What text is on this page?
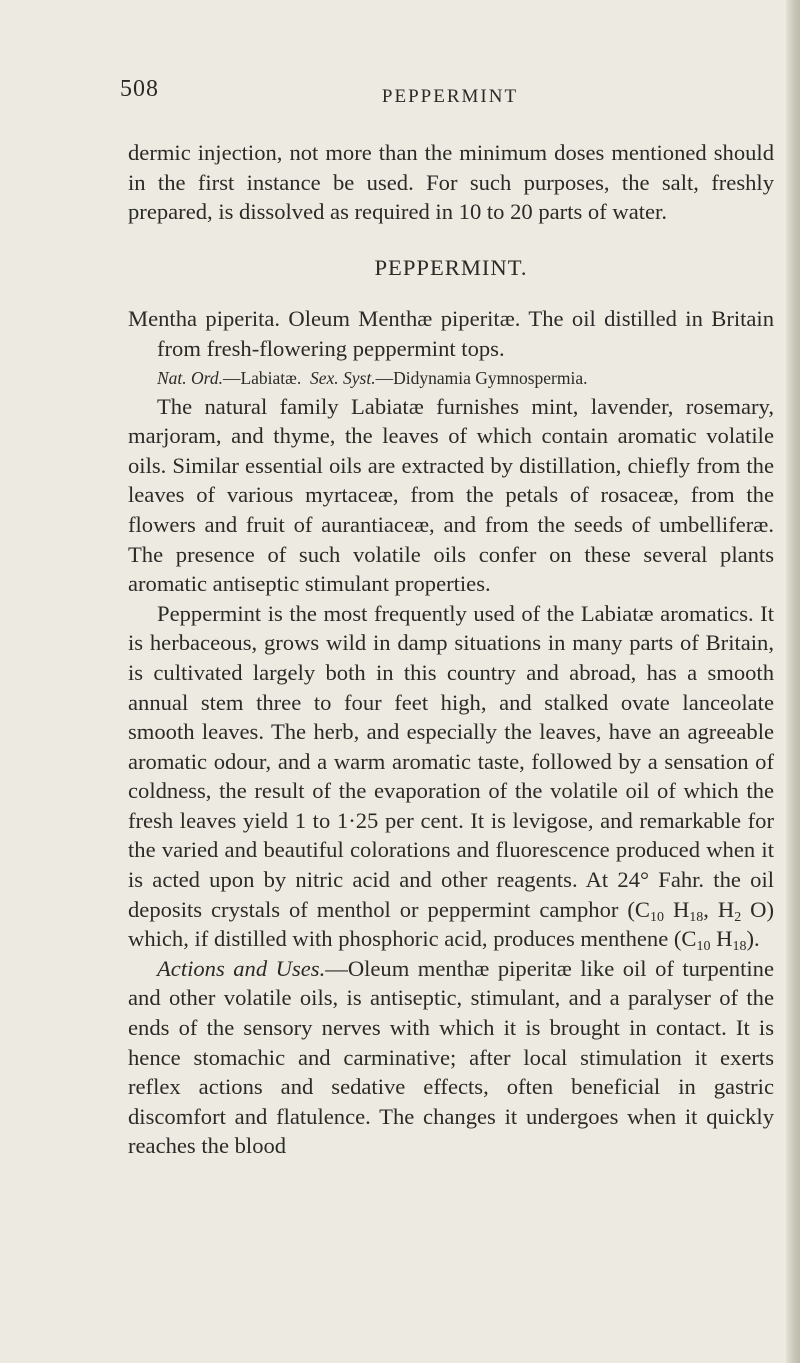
508	PEPPERMINT

dermic injection, not more than the minimum doses mentioned should in the first instance be used. For such purposes, the salt, freshly prepared, is dissolved as required in 10 to 20 parts of water.

PEPPERMINT.

Mentha piperita. Oleum Menthæ piperitæ. The oil distilled in Britain from fresh-flowering peppermint tops.

Nat. Ord.—Labiatæ. Sex. Syst.—Didynamia Gymnospermia.

The natural family Labiatæ furnishes mint, lavender, rosemary, marjoram, and thyme, the leaves of which contain aromatic volatile oils. Similar essential oils are extracted by distillation, chiefly from the leaves of various myrtaceæ, from the petals of rosaceæ, from the flowers and fruit of aurantiaceæ, and from the seeds of umbelliferæ. The presence of such volatile oils confer on these several plants aromatic antiseptic stimulant properties.

Peppermint is the most frequently used of the Labiatæ aromatics. It is herbaceous, grows wild in damp situations in many parts of Britain, is cultivated largely both in this country and abroad, has a smooth annual stem three to four feet high, and stalked ovate lanceolate smooth leaves. The herb, and especially the leaves, have an agreeable aromatic odour, and a warm aromatic taste, followed by a sensation of coldness, the result of the evaporation of the volatile oil of which the fresh leaves yield 1 to 1·25 per cent. It is levigose, and remarkable for the varied and beautiful colorations and fluorescence produced when it is acted upon by nitric acid and other reagents. At 24° Fahr. the oil deposits crystals of menthol or peppermint camphor ($C_{10}$ $H_{18}$, $H_2$ O) which, if distilled with phosphoric acid, produces menthene ($C_{10}$ $H_{18}$).

Actions and Uses.—Oleum menthæ piperitæ like oil of turpentine and other volatile oils, is antiseptic, stimulant, and a paralyser of the ends of the sensory nerves with which it is brought in contact. It is hence stomachic and carminative; after local stimulation it exerts reflex actions and sedative effects, often beneficial in gastric discomfort and flatulence. The changes it undergoes when it quickly reaches the blood
